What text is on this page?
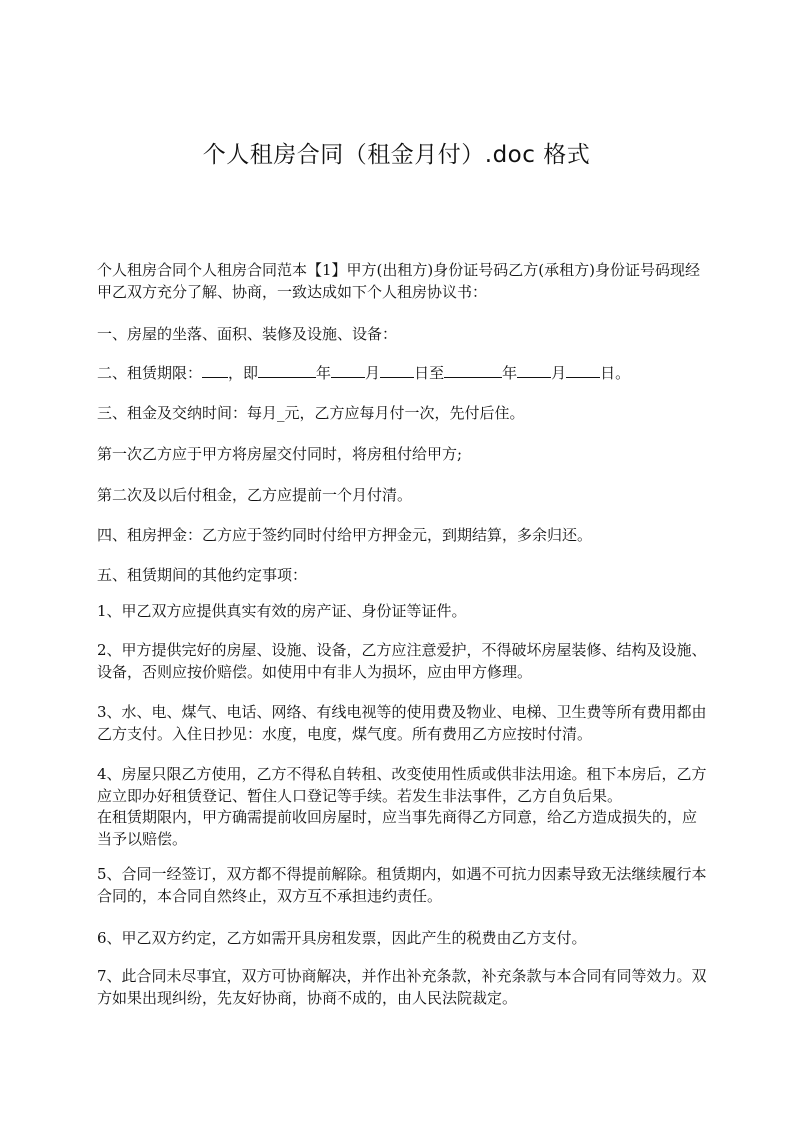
个人租房合同（租金月付）.doc 格式
个人租房合同个人租房合同范本【1】甲方(出租方)身份证号码乙方(承租方)身份证号码现经甲乙双方充分了解、协商，一致达成如下个人租房协议书：
一、房屋的坐落、面积、装修及设施、设备：
二、租赁期限： ，即	年 月 日至	年 月 日。
三、租金及交纳时间：每月_元，乙方应每月付一次，先付后住。
第一次乙方应于甲方将房屋交付同时，将房租付给甲方;
第二次及以后付租金，乙方应提前一个月付清。
四、租房押金：乙方应于签约同时付给甲方押金元，到期结算，多余归还。
五、租赁期间的其他约定事项：
1、甲乙双方应提供真实有效的房产证、身份证等证件。
2、甲方提供完好的房屋、设施、设备，乙方应注意爱护，不得破坏房屋装修、结构及设施、设备，否则应按价赔偿。如使用中有非人为损坏，应由甲方修理。
3、水、电、煤气、电话、网络、有线电视等的使用费及物业、电梯、卫生费等所有费用都由乙方支付。入住日抄见：水度，电度，煤气度。所有费用乙方应按时付清。
4、房屋只限乙方使用，乙方不得私自转租、改变使用性质或供非法用途。租下本房后，乙方应立即办好租赁登记、暂住人口登记等手续。若发生非法事件，乙方自负后果。
在租赁期限内，甲方确需提前收回房屋时，应当事先商得乙方同意，给乙方造成损失的，应当予以赔偿。
5、合同一经签订，双方都不得提前解除。租赁期内，如遇不可抗力因素导致无法继续履行本合同的，本合同自然终止，双方互不承担违约责任。
6、甲乙双方约定，乙方如需开具房租发票，因此产生的税费由乙方支付。
7、此合同未尽事宜，双方可协商解决，并作出补充条款，补充条款与本合同有同等效力。双方如果出现纠纷，先友好协商，协商不成的，由人民法院裁定。
